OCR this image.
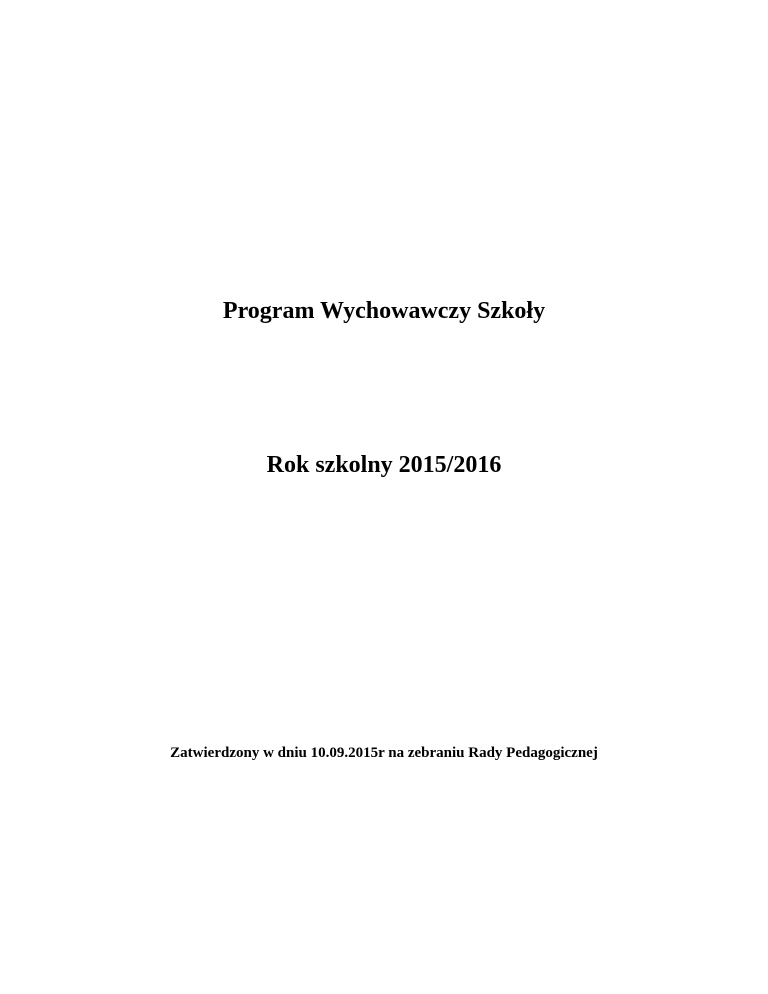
Program Wychowawczy Szkoły
Rok szkolny 2015/2016

Zatwierdzony w dniu 10.09.2015r na zebraniu Rady Pedagogicznej
